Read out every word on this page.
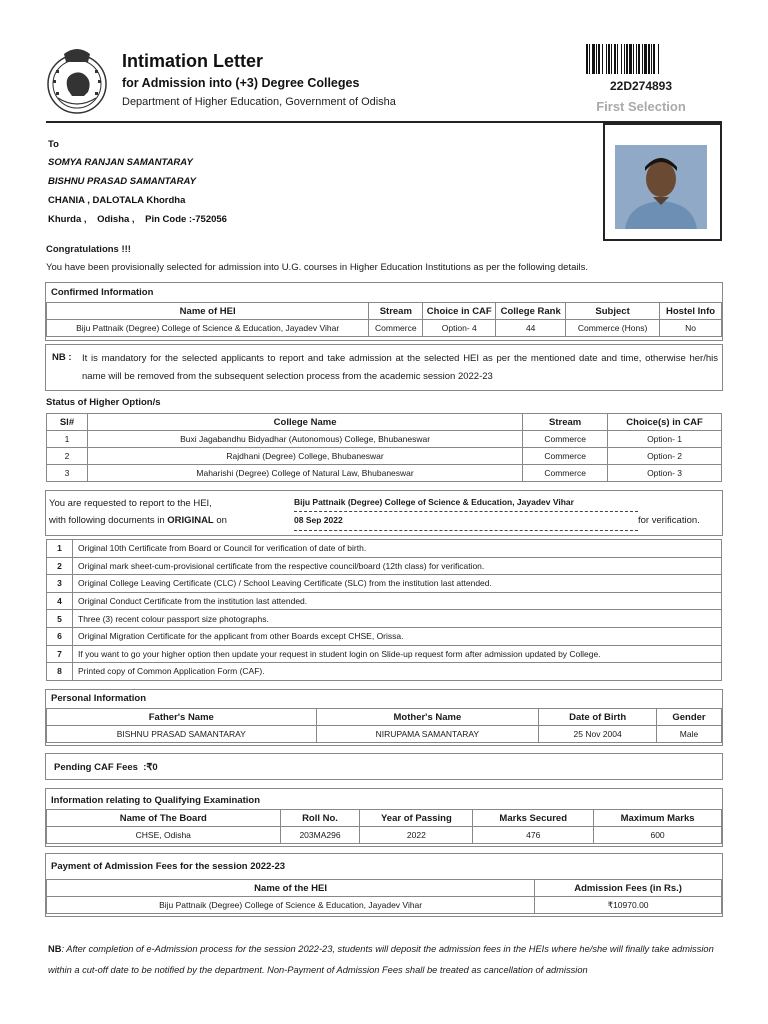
Intimation Letter
for Admission into (+3) Degree Colleges
Department of Higher Education, Government of Odisha
22D274893
First Selection
To
SOMYA RANJAN SAMANTARAY
BISHNU PRASAD SAMANTARAY
CHANIA , DALOTALA Khordha
Khurda ,    Odisha ,    Pin Code :-752056
Congratulations !!!
You have been provisionally selected for admission into U.G. courses in Higher Education Institutions as per the following details.
Confirmed Information
Name of HEI	Stream	Choice in CAF	College Rank	Subject	Hostel Info
Biju Pattnaik (Degree) College of Science & Education, Jayadev Vihar	Commerce	Option- 4	44	Commerce (Hons)	No
NB : It is mandatory for the selected applicants to report and take admission at the selected HEI as per the mentioned date and time, otherwise her/his name will be removed from the subsequent selection process from the academic session 2022-23
Status of Higher Option/s
Sl#	College Name	Stream	Choice(s) in CAF
1	Buxi Jagabandhu Bidyadhar (Autonomous) College, Bhubaneswar	Commerce	Option- 1
2	Rajdhani (Degree) College, Bhubaneswar	Commerce	Option- 2
3	Maharishi (Degree) College of Natural Law, Bhubaneswar	Commerce	Option- 3
You are requested to report to the HEI,
with following documents in ORIGINAL on
Biju Pattnaik (Degree) College of Science & Education, Jayadev Vihar
08 Sep 2022	for verification.
1	Original 10th Certificate from Board or Council for verification of date of birth.
2	Original mark sheet-cum-provisional certificate from the respective council/board (12th class) for verification.
3	Original College Leaving Certificate (CLC) / School Leaving Certificate (SLC) from the institution last attended.
4	Original Conduct Certificate from the institution last attended.
5	Three (3) recent colour passport size photographs.
6	Original Migration Certificate for the applicant from other Boards except CHSE, Orissa.
7	If you want to go your higher option then update your request in student login on Slide-up request form after admission updated by College.
8	Printed copy of Common Application Form (CAF).
Personal Information
Father's Name	Mother's Name	Date of Birth	Gender
BISHNU PRASAD SAMANTARAY	NIRUPAMA SAMANTARAY	25 Nov 2004	Male
Pending CAF Fees  :₹0
Information relating to Qualifying Examination
Name of The Board	Roll No.	Year of Passing	Marks Secured	Maximum Marks
CHSE, Odisha	203MA296	2022	476	600
Payment of Admission Fees for the session 2022-23
Name of the HEI	Admission Fees (in Rs.)
Biju Pattnaik (Degree) College of Science & Education, Jayadev Vihar	₹10970.00
NB: After completion of e-Admission process for the session 2022-23, students will deposit the admission fees in the HEIs where he/she will finally take admission within a cut-off date to be notified by the department. Non-Payment of Admission Fees shall be treated as cancellation of admission
